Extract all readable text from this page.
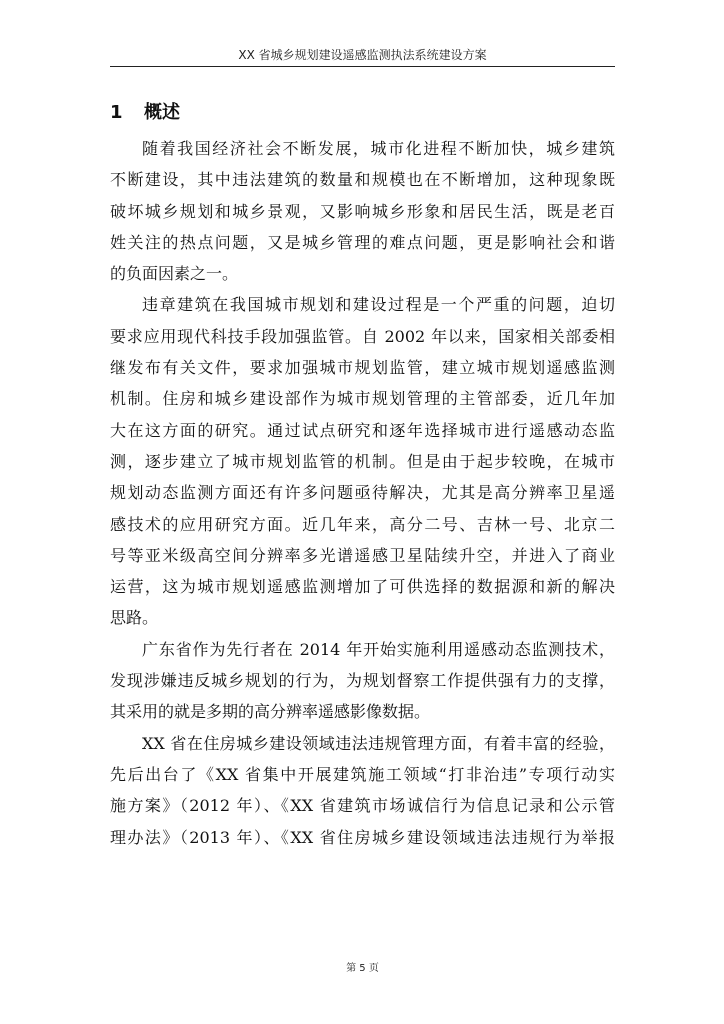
XX 省城乡规划建设遥感监测执法系统建设方案
1 概述
随着我国经济社会不断发展，城市化进程不断加快，城乡建筑
不断建设，其中违法建筑的数量和规模也在不断增加，这种现象既
破坏城乡规划和城乡景观，又影响城乡形象和居民生活，既是老百
姓关注的热点问题，又是城乡管理的难点问题，更是影响社会和谐
的负面因素之一。
违章建筑在我国城市规划和建设过程是一个严重的问题，迫切
要求应用现代科技手段加强监管。自 2002 年以来，国家相关部委相
继发布有关文件，要求加强城市规划监管，建立城市规划遥感监测
机制。住房和城乡建设部作为城市规划管理的主管部委，近几年加
大在这方面的研究。通过试点研究和逐年选择城市进行遥感动态监
测，逐步建立了城市规划监管的机制。但是由于起步较晚，在城市
规划动态监测方面还有许多问题亟待解决，尤其是高分辨率卫星遥
感技术的应用研究方面。近几年来，高分二号、吉林一号、北京二
号等亚米级高空间分辨率多光谱遥感卫星陆续升空，并进入了商业
运营，这为城市规划遥感监测增加了可供选择的数据源和新的解决
思路。
广东省作为先行者在 2014 年开始实施利用遥感动态监测技术，
发现涉嫌违反城乡规划的行为，为规划督察工作提供强有力的支撑，
其采用的就是多期的高分辨率遥感影像数据。
XX 省在住房城乡建设领域违法违规管理方面，有着丰富的经验，
先后出台了《XX 省集中开展建筑施工领域“打非治违”专项行动实
施方案》（2012 年）、《XX 省建筑市场诚信行为信息记录和公示管
理办法》（2013 年）、《XX 省住房城乡建设领域违法违规行为举报
第 5 页
